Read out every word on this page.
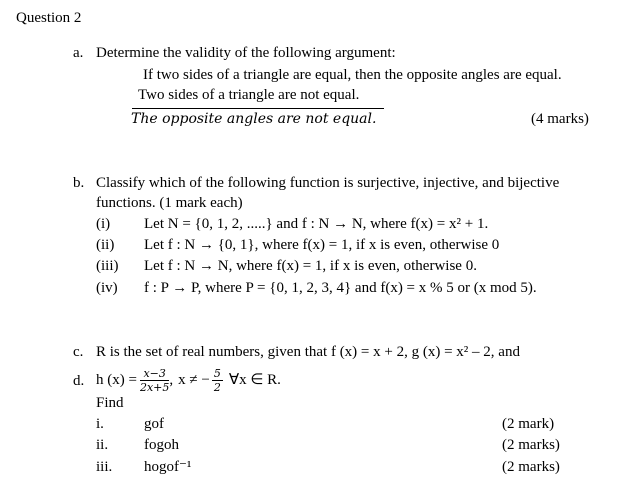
Question 2
a. Determine the validity of the following argument:
If two sides of a triangle are equal, then the opposite angles are equal.
Two sides of a triangle are not equal.
The opposite angles are not equal.	(4 marks)
b. Classify which of the following function is surjective, injective, and bijective
functions. (1 mark each)
(i) Let N = {0, 1, 2, .....} and f : N → N, where f(x) = x² + 1.
(ii) Let f : N → {0, 1}, where f(x) = 1, if x is even, otherwise 0
(iii) Let f : N → N, where f(x) = 1, if x is even, otherwise 0.
(iv) f : P → P, where P = {0, 1, 2, 3, 4} and f(x) = x % 5 or (x mod 5).
c. R is the set of real numbers, given that f (x) = x + 2, g (x) = x² – 2, and
d. h $(x) = \frac{x-3}{2x+5}$ , x ≠ − $\frac{5}{2}$ ∀x ∈ R.
Find
i.	gof	(2 mark)
ii. fogoh	(2 marks)
iii. hogof⁻¹	(2 marks)
